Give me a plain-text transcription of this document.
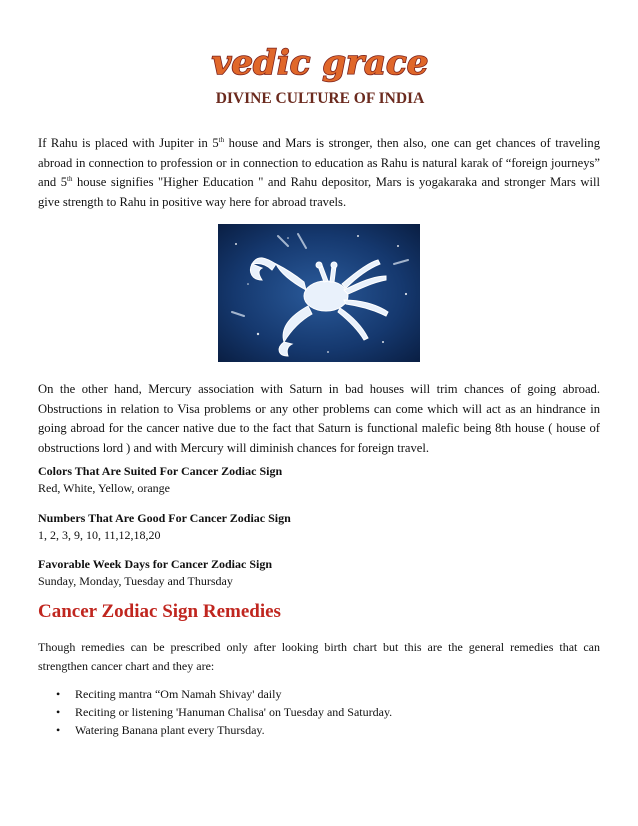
vedic grace
DIVINE CULTURE OF INDIA

If Rahu is placed with Jupiter in 5th house and Mars is stronger, then also, one can get chances of traveling abroad in connection to profession or in connection to education as Rahu is natural karak of “foreign journeys” and 5th house signifies "Higher Education " and Rahu depositor, Mars is yogakaraka and stronger Mars will give strength to Rahu in positive way here for abroad travels.

On the other hand, Mercury association with Saturn in bad houses will trim chances of going abroad. Obstructions in relation to Visa problems or any other problems can come which will act as an hindrance in going abroad for the cancer native due to the fact that Saturn is functional malefic being 8th house ( house of obstructions lord ) and with Mercury will diminish chances for foreign travel.

Colors That Are Suited For Cancer Zodiac Sign
Red, White, Yellow, orange
Numbers That Are Good For Cancer Zodiac Sign
1, 2, 3, 9, 10, 11,12,18,20
Favorable Week Days for Cancer Zodiac Sign
Sunday, Monday, Tuesday and Thursday
Cancer Zodiac Sign Remedies

Though remedies can be prescribed only after looking birth chart but this are the general remedies that can strengthen cancer chart and they are:

• Reciting mantra “Om Namah Shivay' daily
• Reciting or listening 'Hanuman Chalisa' on Tuesday and Saturday.
• Watering Banana plant every Thursday.
